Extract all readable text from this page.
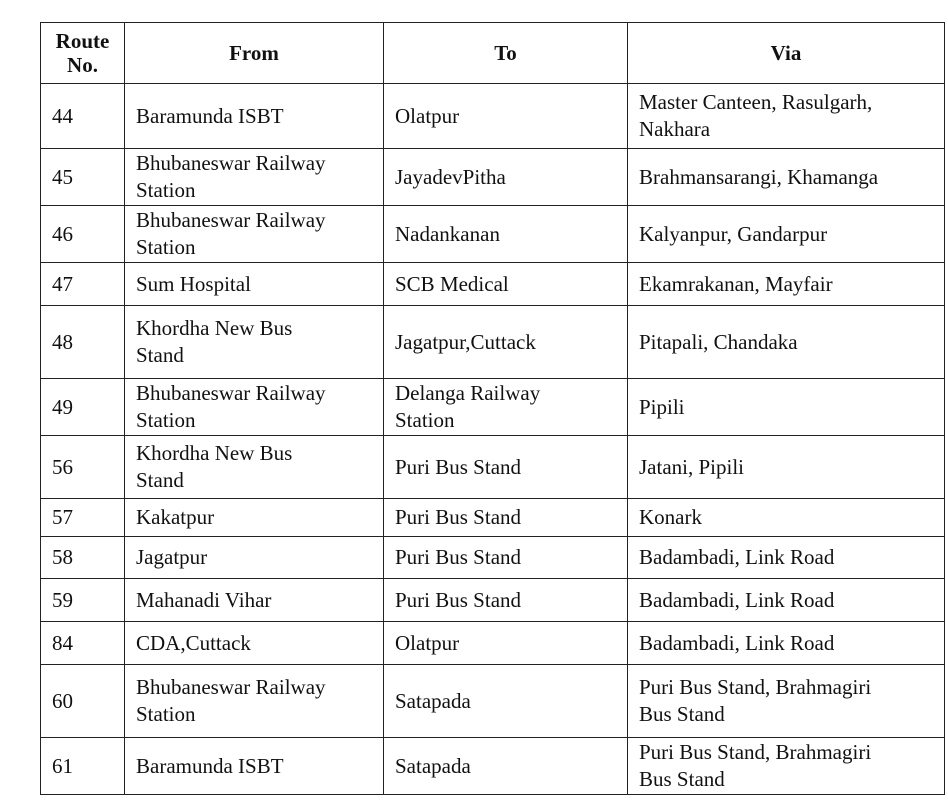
Route
No.	From	To	Via

44	Baramunda ISBT	Olatpur	Master Canteen, Rasulgarh,
Nakhara

45	Bhubaneswar Railway
Station	JayadevPitha	Brahmansarangi, Khamanga

46	Bhubaneswar Railway
Station	Nadankanan	Kalyanpur, Gandarpur

47	Sum Hospital	SCB Medical	Ekamrakanan, Mayfair

48	Khordha New Bus
Stand	Jagatpur,Cuttack	Pitapali, Chandaka

49	Bhubaneswar Railway
Station	Delanga Railway
Station	Pipili

56	Khordha New Bus
Stand	Puri Bus Stand	Jatani, Pipili

57	Kakatpur	Puri Bus Stand	Konark

58	Jagatpur	Puri Bus Stand	Badambadi, Link Road

59	Mahanadi Vihar	Puri Bus Stand	Badambadi, Link Road

84	CDA,Cuttack	Olatpur	Badambadi, Link Road

60	Bhubaneswar Railway
Station	Satapada	Puri Bus Stand, Brahmagiri
Bus Stand

61	Baramunda ISBT	Satapada	Puri Bus Stand, Brahmagiri
Bus Stand
